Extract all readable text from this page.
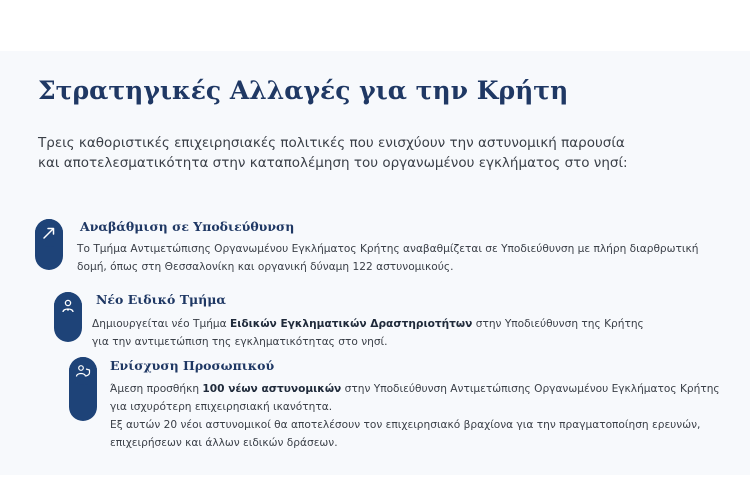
Στρατηγικές Αλλαγές για την Κρήτη
Τρεις καθοριστικές επιχειρησιακές πολιτικές που ενισχύουν την αστυνομική παρουσία
και αποτελεσματικότητα στην καταπολέμηση του οργανωμένου εγκλήματος στο νησί:
Αναβάθμιση σε Υποδιεύθυνση
Το Τμήμα Αντιμετώπισης Οργανωμένου Εγκλήματος Κρήτης αναβαθμίζεται σε Υποδιεύθυνση με πλήρη διαρθρωτική
δομή, όπως στη Θεσσαλονίκη και οργανική δύναμη 122 αστυνομικούς.
Νέο Ειδικό Τμήμα
Δημιουργείται νέο Τμήμα Ειδικών Εγκληματικών Δραστηριοτήτων στην Υποδιεύθυνση της Κρήτης
για την αντιμετώπιση της εγκληματικότητας στο νησί.
Ενίσχυση Προσωπικού
Άμεση προσθήκη 100 νέων αστυνομικών στην Υποδιεύθυνση Αντιμετώπισης Οργανωμένου Εγκλήματος Κρήτης
για ισχυρότερη επιχειρησιακή ικανότητα.
Εξ αυτών 20 νέοι αστυνομικοί θα αποτελέσουν τον επιχειρησιακό βραχίονα για την πραγματοποίηση ερευνών,
επιχειρήσεων και άλλων ειδικών δράσεων.
